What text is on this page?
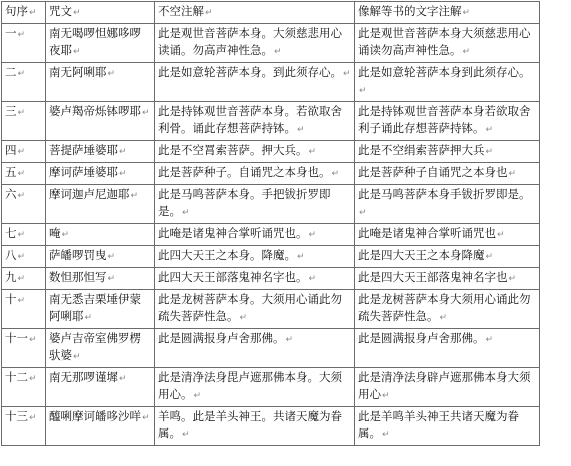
句序↵	咒文↵	不空注解↵	像解等书的文字注解↵
一↵	南无喝啰怛娜哆啰夜耶↵	此是观世音菩萨本身。大须慈悲用心读诵。勿高声神性急。↵	此是观世音菩萨本身大须慈悲用心诵读勿高声神性急。↵
二↵	南无阿唎耶↵	此是如意轮菩萨本身。到此须存心。↵	此是如意轮菩萨本身到此须存心。↵
三↵	婆卢羯帝烁钵啰耶↵	此是持钵观世音菩萨本身。若欲取舍利骨。诵此存想菩萨持钵。↵	此是持钵观世音菩萨本身若欲取舍利子诵此存想菩萨持钵。↵
四↵	菩提萨埵婆耶↵	此是不空罥索菩萨。押大兵。↵	此是不空绢索菩萨押大兵↵
五↵	摩诃萨埵婆耶↵	此是菩萨种子。自诵咒之本身也。↵	此是菩萨种子自诵咒之本身也↵
六↵	摩诃迦卢尼迦耶↵	此是马鸣菩萨本身。手把钹折罗即是。↵	此是马鸣菩萨本身手钹折罗即是。↵
七↵	唵↵	此唵是诸鬼神合掌听诵咒也。↵	此唵是诸鬼神合掌听诵咒也↵
八↵	萨皤啰罚曳↵	此四大天王之本身。降魔。↵	此是四大天王之本身降魔↵
九↵	数怛那怛写↵	此四大天王部落鬼神名字也。↵	此是四大天王部落鬼神名字也↵
十↵	南无悉吉栗埵伊蒙阿唎耶↵	此是龙树菩萨本身。大须用心诵此勿疏失菩萨性急。↵	此是龙树菩萨本身大须用心诵此勿疏失菩萨性急。↵
十一↵	婆卢吉帝室佛罗楞驮婆↵	此是圆满报身卢舍那佛。↵	此是圆满报身卢舍那佛。↵
十二↵	南无那啰谨墀↵	此是清净法身毘卢遮那佛本身。大须用心。↵	此是清净法身辟卢遮那佛本身大须用心↵
十三↵	醯唎摩诃皤哆沙咩↵	羊鸣。此是羊头神王。共诸天魔为眷属。↵	此是羊鸣羊头神王共诸天魔为眷属。↵
